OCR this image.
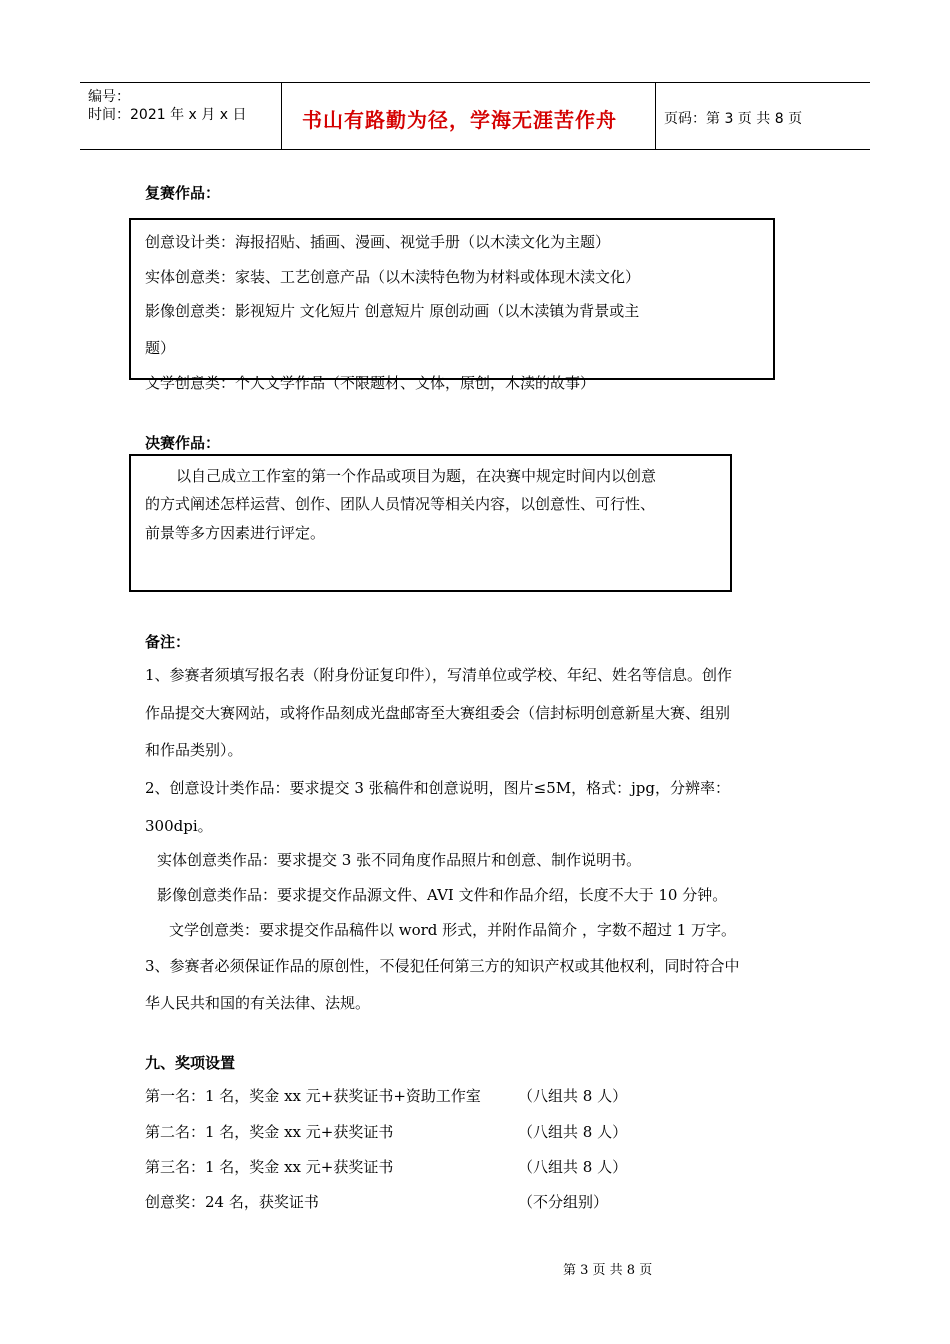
编号：
时间：2021 年 x 月 x 日	书山有路勤为径，学海无涯苦作舟	页码：第 3 页 共 8 页
复赛作品：
创意设计类：海报招贴、插画、漫画、视觉手册（以木渎文化为主题）
实体创意类：家装、工艺创意产品（以木渎特色物为材料或体现木渎文化）
影像创意类：影视短片 文化短片 创意短片 原创动画（以木渎镇为背景或主
题）
文学创意类：个人文学作品（不限题材、文体，原创，木渎的故事）
决赛作品：
以自己成立工作室的第一个作品或项目为题，在决赛中规定时间内以创意
的方式阐述怎样运营、创作、团队人员情况等相关内容，以创意性、可行性、
前景等多方因素进行评定。
备注：
1、参赛者须填写报名表（附身份证复印件），写清单位或学校、年纪、姓名等信息。创作
作品提交大赛网站，或将作品刻成光盘邮寄至大赛组委会（信封标明创意新星大赛、组别
和作品类别）。
2、创意设计类作品：要求提交 3 张稿件和创意说明，图片≤5M，格式：jpg，分辨率：
300dpi。
实体创意类作品：要求提交 3 张不同角度作品照片和创意、制作说明书。
影像创意类作品：要求提交作品源文件、AVI 文件和作品介绍，长度不大于 10 分钟。
文学创意类：要求提交作品稿件以 word 形式，并附作品简介 ，字数不超过 1 万字。
3、参赛者必须保证作品的原创性，不侵犯任何第三方的知识产权或其他权利，同时符合中
华人民共和国的有关法律、法规。
九、奖项设置
第一名：1 名，奖金 xx 元+获奖证书+资助工作室 （八组共 8 人）
第二名：1 名，奖金 xx 元+获奖证书	（八组共 8 人）
第三名：1 名，奖金 xx 元+获奖证书	（八组共 8 人）
创意奖：24 名，获奖证书	（不分组别）
第 3 页 共 8 页
